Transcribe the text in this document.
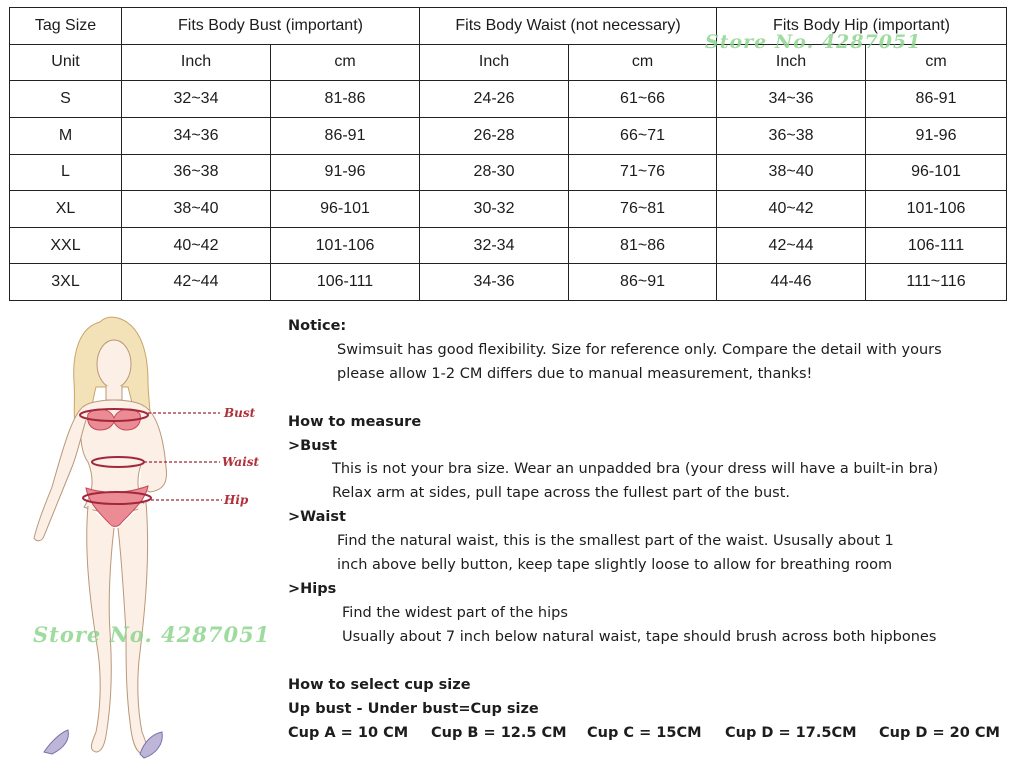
Tag Size	Fits Body Bust (important)		Fits Body Waist (not necessary)		Fits Body Hip (important)	
Unit	Inch	cm	Inch	cm	Inch	cm
S	32~34	81-86	24-26	61~66	34~36	86-91
M	34~36	86-91	26-28	66~71	36~38	91-96
L	36~38	91-96	28-30	71~76	38~40	96-101
XL	38~40	96-101	30-32	76~81	40~42	101-106
XXL	40~42	101-106	32-34	81~86	42~44	106-111
3XL	42~44	106-111	34-36	86~91	44-46	111~116
Bust
Waist
Hip
Store No. 4287051
Store No. 4287051
Notice:
Swimsuit has good flexibility. Size for reference only. Compare the detail with yours
please allow 1-2 CM differs due to manual measurement, thanks!
How to measure
>Bust
This is not your bra size. Wear an unpadded bra (your dress will have a built-in bra)
Relax arm at sides, pull tape across the fullest part of the bust.
>Waist
Find the natural waist, this is the smallest part of the waist. Ususally about 1
inch above belly button, keep tape slightly loose to allow for breathing room
>Hips
Find the widest part of the hips
Usually about 7 inch below natural waist, tape should brush across both hipbones
How to select cup size
Up bust - Under bust=Cup size
Cup A = 10 CM Cup B = 12.5 CM Cup C = 15CM Cup D = 17.5CM Cup D = 20 CM
